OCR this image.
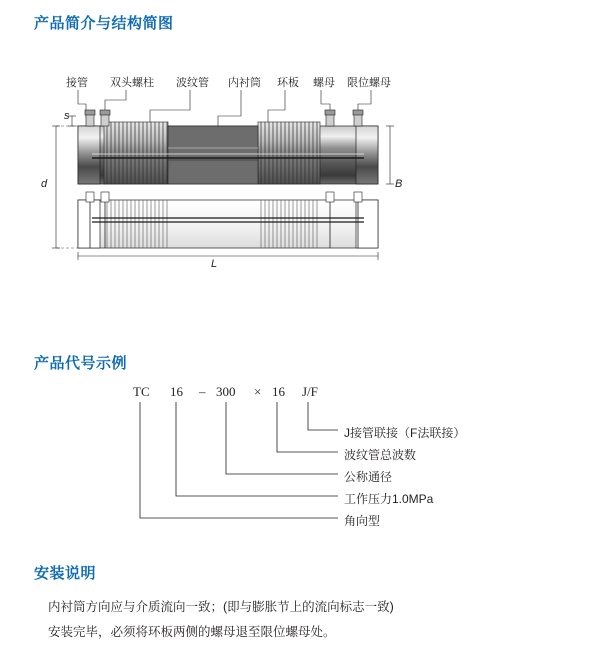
产品简介与结构简图
产品代号示例
安装说明
接管 双头螺柱 波纹管 内衬筒 环板 螺母 限位螺母
s
d	B
L
TC 16 – 300 × 16 J/F
J接管联接（F法联接）
波纹管总波数
公称通径
工作压力1.0MPa
角向型

内衬筒方向应与介质流向一致；(即与膨胀节上的流向标志一致)

安装完毕，必须将环板两侧的螺母退至限位螺母处。
